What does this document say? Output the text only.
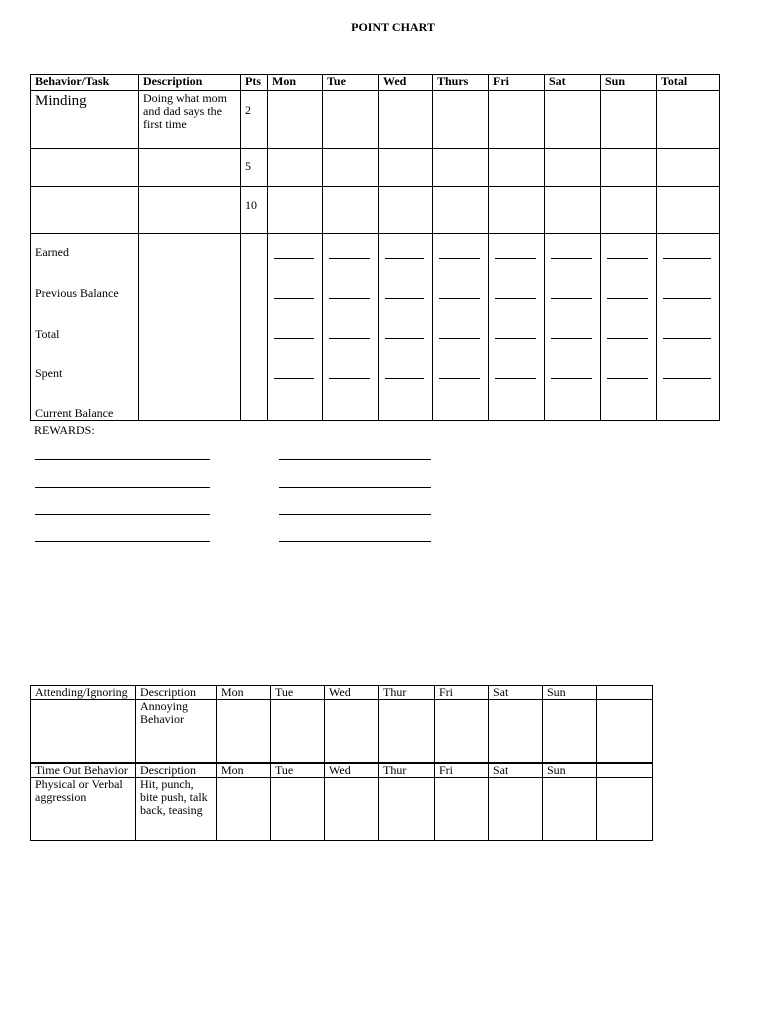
POINT CHART
Behavior/Task	Description	Pts	Mon	Tue	Wed	Thurs	Fri	Sat	Sun	Total

Minding	Doing what mom and dad says the first time	2								

		5								

		10								

Earned
Previous Balance
Total
Spent
Current Balance										

REWARDS:
Attending/Ignoring	Description	Mon	Tue	Wed	Thur	Fri	Sat	Sun	
	Annoying Behavior								
Time Out Behavior	Description	Mon	Tue	Wed	Thur	Fri	Sat	Sun	
Physical or Verbal aggression	Hit, punch, bite push, talk back, teasing								
